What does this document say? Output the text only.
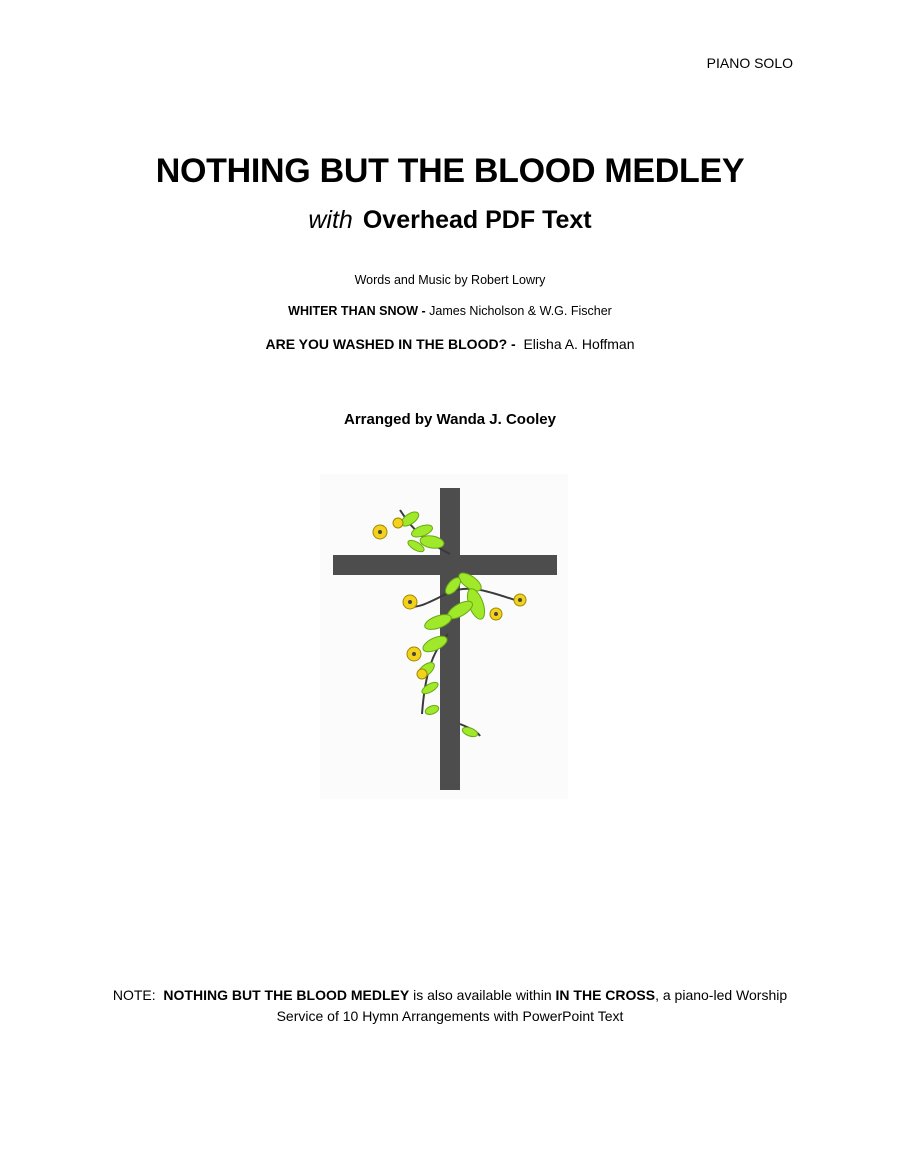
PIANO SOLO
NOTHING BUT THE BLOOD MEDLEY
with Overhead PDF Text
Words and Music by Robert Lowry
WHITER THAN SNOW - James Nicholson & W.G. Fischer
ARE YOU WASHED IN THE BLOOD? - Elisha A. Hoffman
Arranged by Wanda J. Cooley
NOTE: NOTHING BUT THE BLOOD MEDLEY is also available within IN THE CROSS, a piano-led Worship
Service of 10 Hymn Arrangements with PowerPoint Text
